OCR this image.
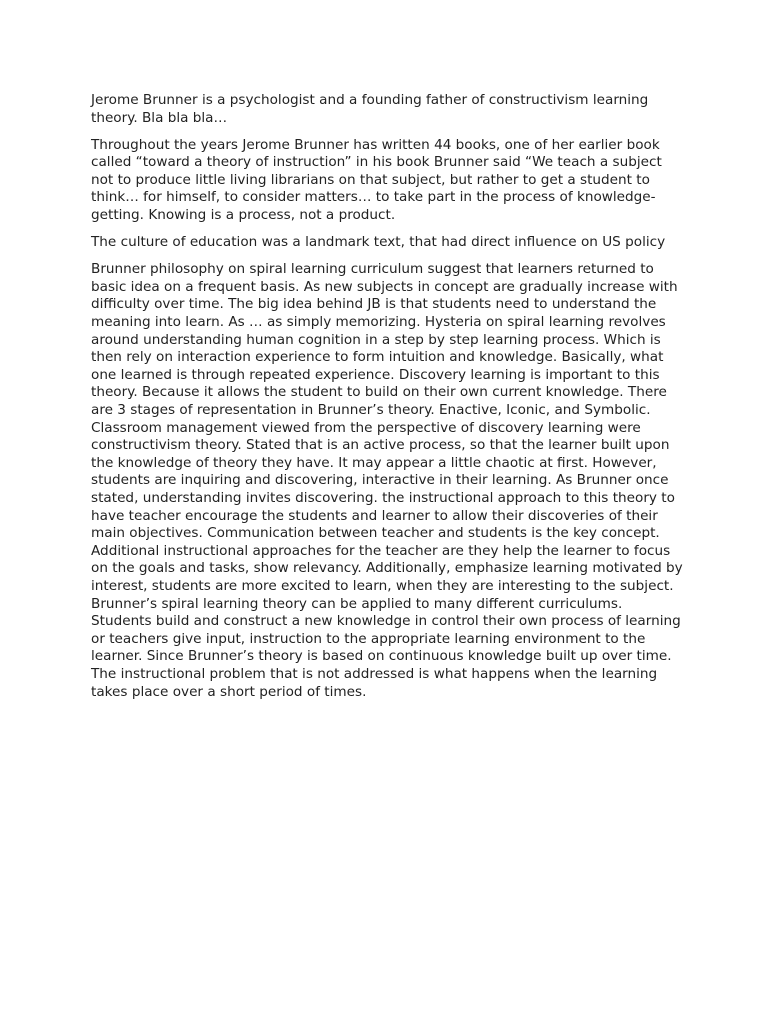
Jerome Brunner is a psychologist and a founding father of constructivism learning theory. Bla bla bla…

Throughout the years Jerome Brunner has written 44 books, one of her earlier book called “toward a theory of instruction” in his book Brunner said “We teach a subject not to produce little living librarians on that subject, but rather to get a student to think… for himself, to consider matters… to take part in the process of knowledge-getting. Knowing is a process, not a product.

The culture of education was a landmark text, that had direct influence on US policy

Brunner philosophy on spiral learning curriculum suggest that learners returned to basic idea on a frequent basis. As new subjects in concept are gradually increase with difficulty over time. The big idea behind JB is that students need to understand the meaning into learn. As … as simply memorizing. Hysteria on spiral learning revolves around understanding human cognition in a step by step learning process. Which is then rely on interaction experience to form intuition and knowledge. Basically, what one learned is through repeated experience. Discovery learning is important to this theory. Because it allows the student to build on their own current knowledge. There are 3 stages of representation in Brunner’s theory. Enactive, Iconic, and Symbolic. Classroom management viewed from the perspective of discovery learning were constructivism theory. Stated that is an active process, so that the learner built upon the knowledge of theory they have. It may appear a little chaotic at first. However, students are inquiring and discovering, interactive in their learning. As Brunner once stated, understanding invites discovering. the instructional approach to this theory to have teacher encourage the students and learner to allow their discoveries of their main objectives. Communication between teacher and students is the key concept. Additional instructional approaches for the teacher are they help the learner to focus on the goals and tasks, show relevancy. Additionally, emphasize learning motivated by interest, students are more excited to learn, when they are interesting to the subject. Brunner’s spiral learning theory can be applied to many different curriculums. Students build and construct a new knowledge in control their own process of learning or teachers give input, instruction to the appropriate learning environment to the learner. Since Brunner’s theory is based on continuous knowledge built up over time. The instructional problem that is not addressed is what happens when the learning takes place over a short period of times.
